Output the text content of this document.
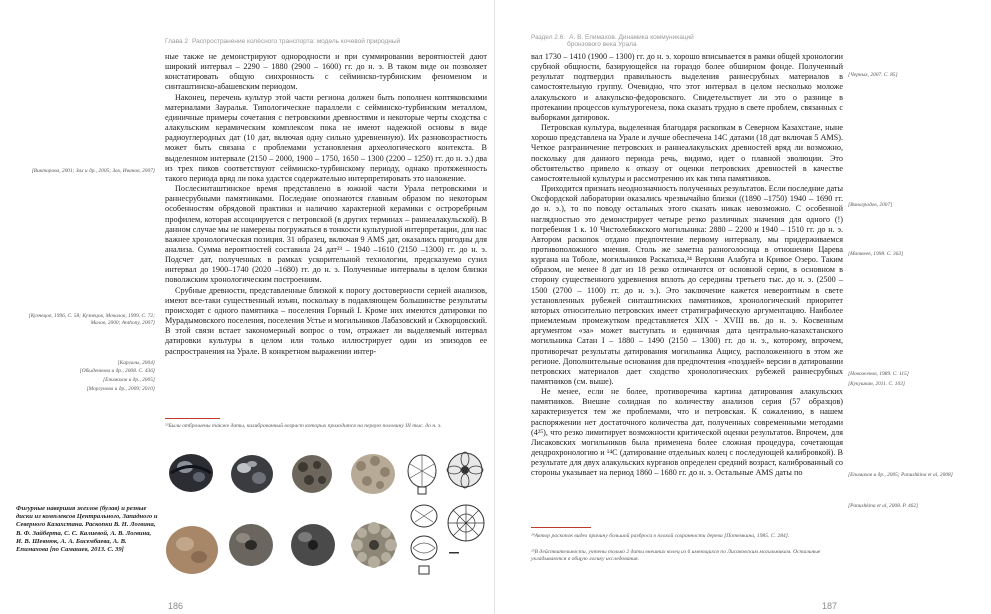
Глава 2 Распространение колёсного транспорта: модель кочевой природный

ные также не демонстрируют однородности и при суммировании вероятностей дают широкий интервал – 2290 – 1880 (2900 – 1600) гг. до н. э. В таком виде он позволяет констатировать общую синхронность с сейминско-турбинским феноменом и синташтинско-абашевским периодом.

Наконец, перечень культур этой части региона должен быть пополнен коптяковскими материалами Зауралья. Типологические параллели с сейминско-турбинским металлом, единичные примеры сочетания с петровскими древностями и некоторые черты сходства с алакульским керамическим комплексом пока не имеют надежной основы в виде радиоуглеродных дат (10 дат, включая одну сильно удревненную). Их разновозрастность может быть связана с проблемами установления археологического контекста. В выделенном интервале (2150 – 2000, 1900 – 1750, 1650 – 1300 (2200 – 1250) гг. до н. э.) два из трех пиков соответствуют сейминско-турбинскому периоду, однако протяженность такого периода вряд ли пока удастся содержательно интерпретировать это наложение.

Послесинташтинское время представлено в южной части Урала петровскими и раннесрубными памятниками. Последние опознаются главным образом по некоторым особенностям обрядовой практики и наличию характерной керамики с остроребрным профилем, которая ассоциируется с петровской (в других терминах – раннеалакульской). В данном случае мы не намерены погружаться в тонкости культурной интерпретации, для нас важнее хронологическая позиция. 31 образец, включая 9 AMS дат, оказались пригодны для анализа. Сумма вероятностей составила 24 дат²³ – 1940 –1610 (2150 –1300) гг. до н. э. Подсчет дат, полученных в рамках ускорительной технологии, предсказуемо сузил интервал до 1900–1740 (2020 –1680) гг. до н. э. Полученные интервалы в целом близки поволжским хронологическим построениям.

Срубные древности, представленные близкой к порогу достоверности серией анализов, имеют все-таки существенный изъян, поскольку в подавляющем большинстве результаты происходят с одного памятника – поселения Горный I. Кроме них имеются датировки по Мурадымовского поселения, поселения Устье и могильников Лабазовский и Скворцовский. В этой связи встает закономерный вопрос о том, отражает ли выделяемый интервал датировки культуры в целом или только иллюстрирует один из эпизодов ее распространения на Урале. В конкретном выражении интер-

[Викторова, 2001; Зах и др., 2005; Зах, Иванов, 2007]
[Кузнецов, 1996, С. 58; Кузнецов, Мочалов, 1999. С. 72; Малов, 2000; Anthony, 2007]
[Каргалы, 2004]
[Обыденнова и др., 2008. С. 436]
[Епимахов и др., 2005]
[Моргунова и др., 2009; 2010]
²³Были отброшены также даты, калиброванный возраст которых приходится на первую половину III тыс. до н. э.
Фигурные навершия жезлов (булав) и резные диски из комплексов Центрального, Западного и Северного Казахстана. Раскопки В. Н. Логвина, В. Ф. Зайберта, С. С. Калиевой, А. В. Логвина, И. В. Шевнюк, А. А. Бисембаева, А. В. Епимахова [по Самашев, 2013. С. 39]
186
Раздел 2.6. А. В. Епимахов. Динамика коммуникаций
бронзового века Урала

вал 1730 – 1410 (1900 – 1300) гг. до н. э. хорошо вписывается в рамки общей хронологии срубной общности, базирующейся на гораздо более обширном фонде. Полученный результат подтвердил правильность выделения раннесрубных материалов в самостоятельную группу. Очевидно, что этот интервал в целом несколько моложе алакульского и алакульско-федоровского. Свидетельствует ли это о разнице в протекании процессов культурогенеза, пока сказать трудно в свете проблем, связанных с выборками датировок.

Петровская культура, выделенная благодаря раскопкам в Северном Казахстане, ныне хорошо представлена на Урале и лучше обеспечена 14С датами (18 дат включая 5 AMS). Четкое разграничение петровских и раннеалакульских древностей вряд ли возможно, поскольку для данного периода речь, видимо, идет о плавной эволюции. Это обстоятельство привело к отказу от оценки петровских древностей в качестве самостоятельной культуры и рассмотрению их как типа памятников.

Приходится признать неоднозначность полученных результатов. Если последние даты Оксфордской лаборатории оказались чрезвычайно близки ((1890 –1750) 1940 – 1690 гг. до н. э.), то по поводу остальных этого сказать никак невозможно. С особенной наглядностью это демонстрирует четыре резко различных значения для одного (!) погребения 1 к. 10 Чистолебяжского могильника: 2880 – 2200 и 1940 – 1510 гг. до н. э. Автором раскопок отдано предпочтение первому интервалу, мы придерживаемся противоположного мнения. Столь же заметна разноголосица в отношении Царева кургана на Тоболе, могильников Раскатиха,²⁴ Верхняя Алабуга и Кривое Озеро. Таким образом, не менее 8 дат из 18 резко отличаются от основной серии, в основном в сторону существенного удревнения вплоть до середины третьего тыс. до н. э. (2500 – 1500 (2700 – 1100) гг. до н. э.). Это заключение кажется невероятным в свете установленных рубежей синташтинских памятников, хронологический приоритет которых относительно петровских имеет стратиграфическую аргументацию. Наиболее приемлемым промежутком представляется XIX - XVIII вв. до н. э. Косвенным аргументом «за» может выступать и единичная дата центрально-казахстанского могильника Сатан I – 1880 – 1490 (2150 – 1300) гг. до н. э., которому, впрочем, противоречат результаты датирования могильника Ащису, расположенного в этом же регионе. Дополнительные основания для предпочтения «поздней» версии в датировании петровских материалов дает сходство хронологических рубежей раннесрубных памятников (см. выше).

Не менее, если не более, противоречива картина датирования алакульских памятников. Внешне солидная по количеству анализов серия (57 образцов) характеризуется тем же проблемами, что и петровская. К сожалению, в нашем распоряжении нет достаточного количества дат, полученных современными методами (4²⁵), что резко лимитирует возможности критической оценки результатов. Впрочем, для Лисаковских могильников была применена более сложная процедура, сочетающая дендрохронологию и ¹⁴С (датирование отдельных колец с последующей калибровкой). В результате для двух алакульских курганов определен средний возраст, калиброванный со стороны указывает на период 1860 – 1680 гг. до н. э. Остальные AMS даты по

[Черных, 2007. С. 85]
[Виноградов, 2007]
[Матвеев, 1998. С. 363]
[Новоженов, 1989. С. 115]
[Кукушкин, 2011. С. 103]
[Епимахов и др., 2005; Panushkina et al, 2008]
[Panushkina et al, 2008. Р. 462]
²⁴Автор раскопок видел причину большой разброса в плохой сохранности дерева [Потемкина, 1985. С. 284].
²⁵В действительности, учтены только 2 даты внешних колец из 6 имеющихся по Лисаковским могильникам. Остальные укладываются в общую логику исследования.
187
